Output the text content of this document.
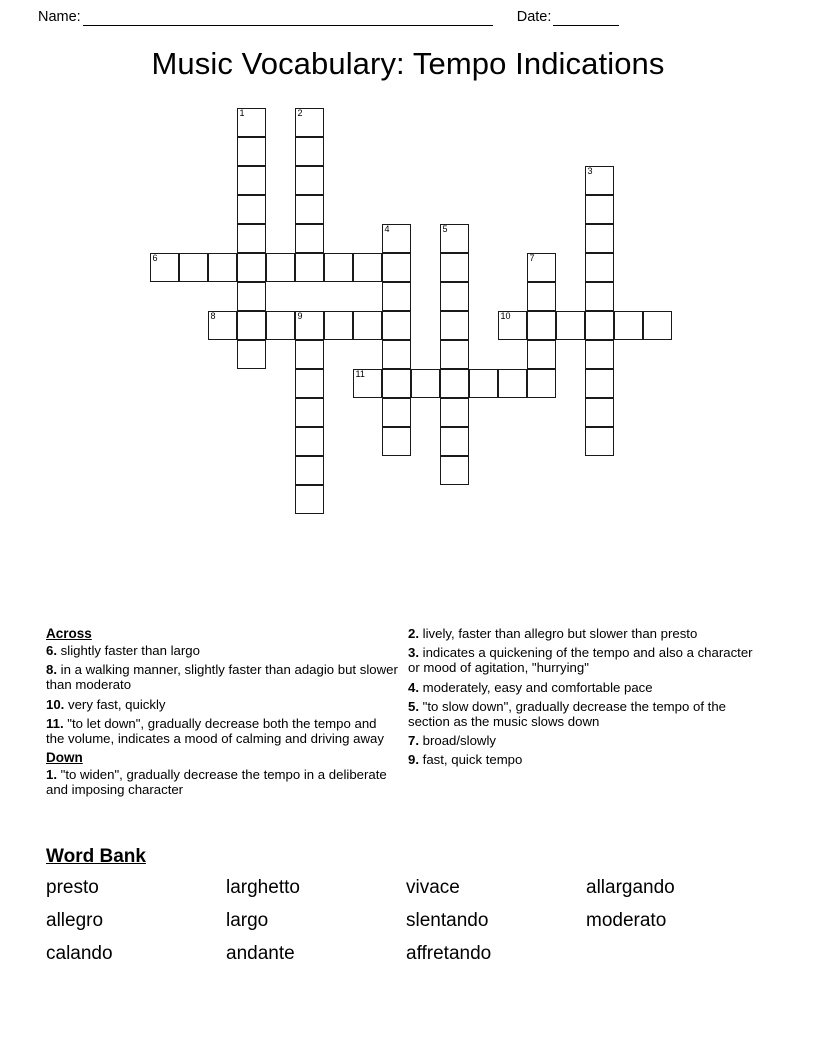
Name:	Date:
Music Vocabulary: Tempo Indications
1	2
3
4	5
6	7
8	9	10
11
Across

6. slightly faster than largo

8. in a walking manner, slightly faster than adagio but slower than moderato

10. very fast, quickly

11. "to let down", gradually decrease both the tempo and the volume, indicates a mood of calming and driving away

Down

1. "to widen", gradually decrease the tempo in a deliberate and imposing character

2. lively, faster than allegro but slower than presto

3. indicates a quickening of the tempo and also a character or mood of agitation, "hurrying"

4. moderately, easy and comfortable pace

5. "to slow down", gradually decrease the tempo of the section as the music slows down

7. broad/slowly

9. fast, quick tempo

Word Bank
presto	larghetto	vivace	allargando
allegro	largo	slentando	moderato
calando	andante	affretando
